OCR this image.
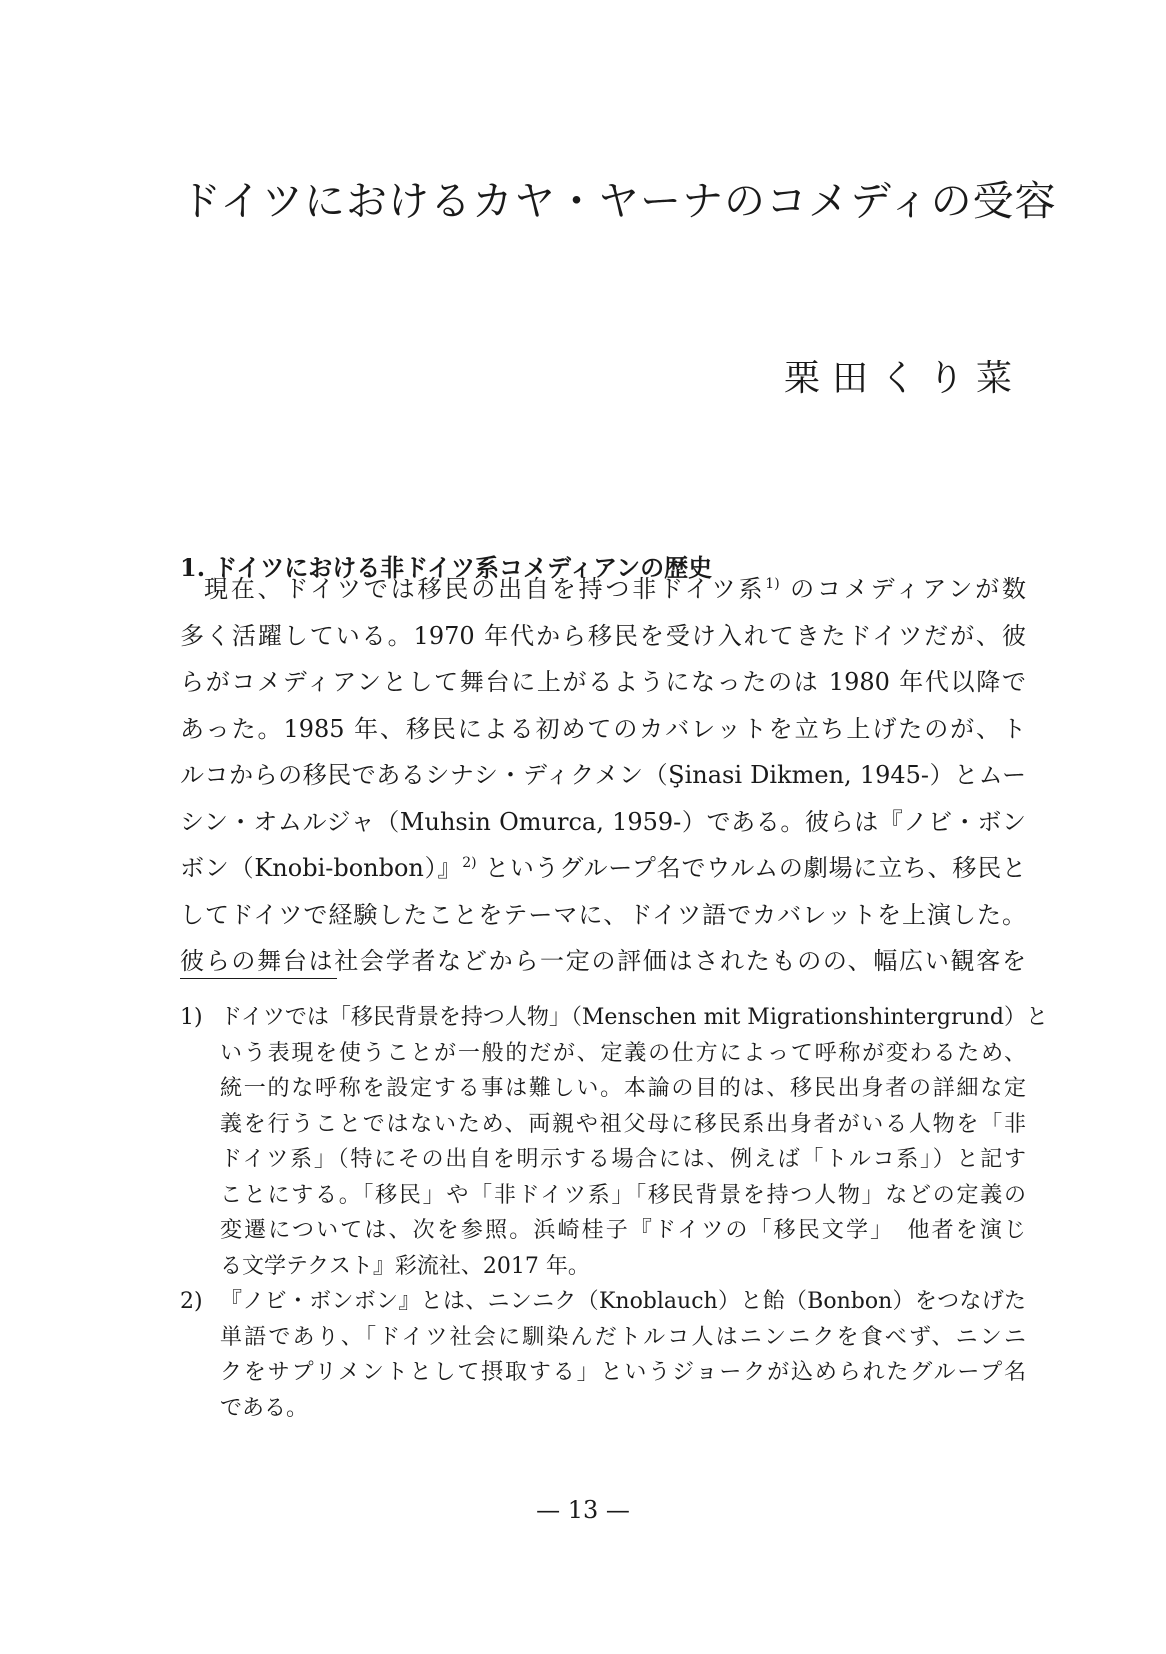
ドイツにおけるカヤ・ヤーナのコメディの受容
栗田くり菜
1. ドイツにおける非ドイツ系コメディアンの歴史
現在、ドイツでは移民の出自を持つ非ドイツ系$^{1)}$ のコメディアンが数
多く活躍している。1970 年代から移民を受け入れてきたドイツだが、彼
らがコメディアンとして舞台に上がるようになったのは 1980 年代以降で
あった。1985 年、移民による初めてのカバレットを立ち上げたのが、ト
ルコからの移民であるシナシ・ディクメン（Şinasi Dikmen, 1945-）とムー
シン・オムルジャ（Muhsin Omurca, 1959-）である。彼らは『ノビ・ボン
ボン（Knobi-bonbon）』$^{2)}$ というグループ名でウルムの劇場に立ち、移民と
してドイツで経験したことをテーマに、ドイツ語でカバレットを上演した。
彼らの舞台は社会学者などから一定の評価はされたものの、幅広い観客を
1) ドイツでは「移民背景を持つ人物」（Menschen mit Migrationshintergrund）と
いう表現を使うことが一般的だが、定義の仕方によって呼称が変わるため、
統一的な呼称を設定する事は難しい。本論の目的は、移民出身者の詳細な定
義を行うことではないため、両親や祖父母に移民系出身者がいる人物を「非
ドイツ系」（特にその出自を明示する場合には、例えば「トルコ系」）と記す
ことにする。「移民」や「非ドイツ系」「移民背景を持つ人物」などの定義の
変遷については、次を参照。浜崎桂子『ドイツの「移民文学」　他者を演じ
る文学テクスト』彩流社、2017 年。
2) 『ノビ・ボンボン』とは、ニンニク（Knoblauch）と飴（Bonbon）をつなげた
単語であり、「ドイツ社会に馴染んだトルコ人はニンニクを食べず、ニンニ
クをサプリメントとして摂取する」というジョークが込められたグループ名
である。
— 13 —
